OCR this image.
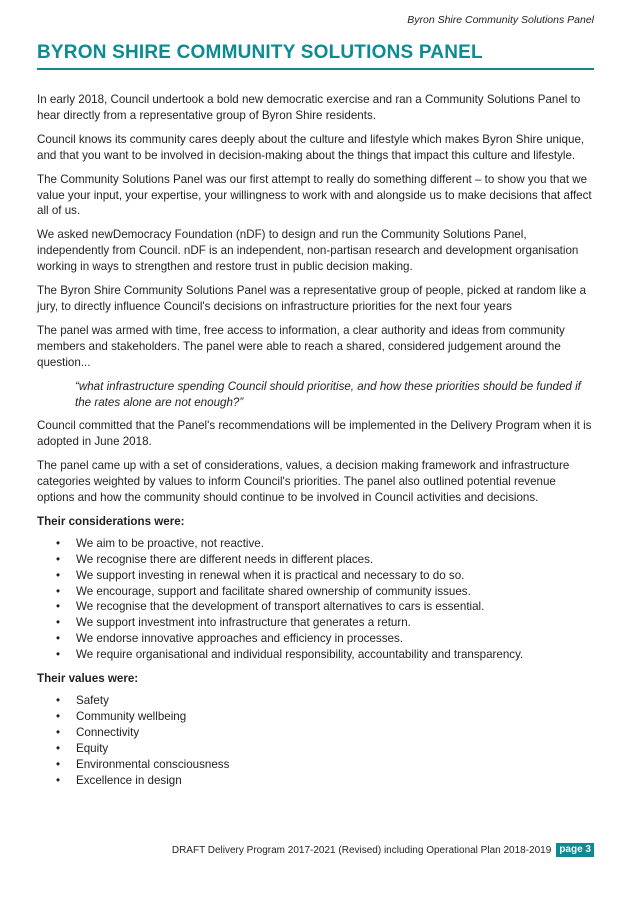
Byron Shire Community Solutions Panel
BYRON SHIRE COMMUNITY SOLUTIONS PANEL

In early 2018, Council undertook a bold new democratic exercise and ran a Community Solutions Panel to hear directly from a representative group of Byron Shire residents.

Council knows its community cares deeply about the culture and lifestyle which makes Byron Shire unique, and that you want to be involved in decision-making about the things that impact this culture and lifestyle.

The Community Solutions Panel was our first attempt to really do something different – to show you that we value your input, your expertise, your willingness to work with and alongside us to make decisions that affect all of us.

We asked newDemocracy Foundation (nDF) to design and run the Community Solutions Panel, independently from Council. nDF is an independent, non-partisan research and development organisation working in ways to strengthen and restore trust in public decision making.

The Byron Shire Community Solutions Panel was a representative group of people, picked at random like a jury, to directly influence Council's decisions on infrastructure priorities for the next four years

The panel was armed with time, free access to information, a clear authority and ideas from community members and stakeholders. The panel were able to reach a shared, considered judgement around the question...

“what infrastructure spending Council should prioritise, and how these priorities should be funded if the rates alone are not enough?”

Council committed that the Panel's recommendations will be implemented in the Delivery Program when it is adopted in June 2018.

The panel came up with a set of considerations, values, a decision making framework and infrastructure categories weighted by values to inform Council's priorities. The panel also outlined potential revenue options and how the community should continue to be involved in Council activities and decisions.

Their considerations were:
• We aim to be proactive, not reactive.
• We recognise there are different needs in different places.
• We support investing in renewal when it is practical and necessary to do so.
• We encourage, support and facilitate shared ownership of community issues.
• We recognise that the development of transport alternatives to cars is essential.
• We support investment into infrastructure that generates a return.
• We endorse innovative approaches and efficiency in processes.
• We require organisational and individual responsibility, accountability and transparency.
Their values were:
• Safety
• Community wellbeing
• Connectivity
• Equity
• Environmental consciousness
• Excellence in design
DRAFT Delivery Program 2017-2021 (Revised) including Operational Plan 2018-2019 page 3
